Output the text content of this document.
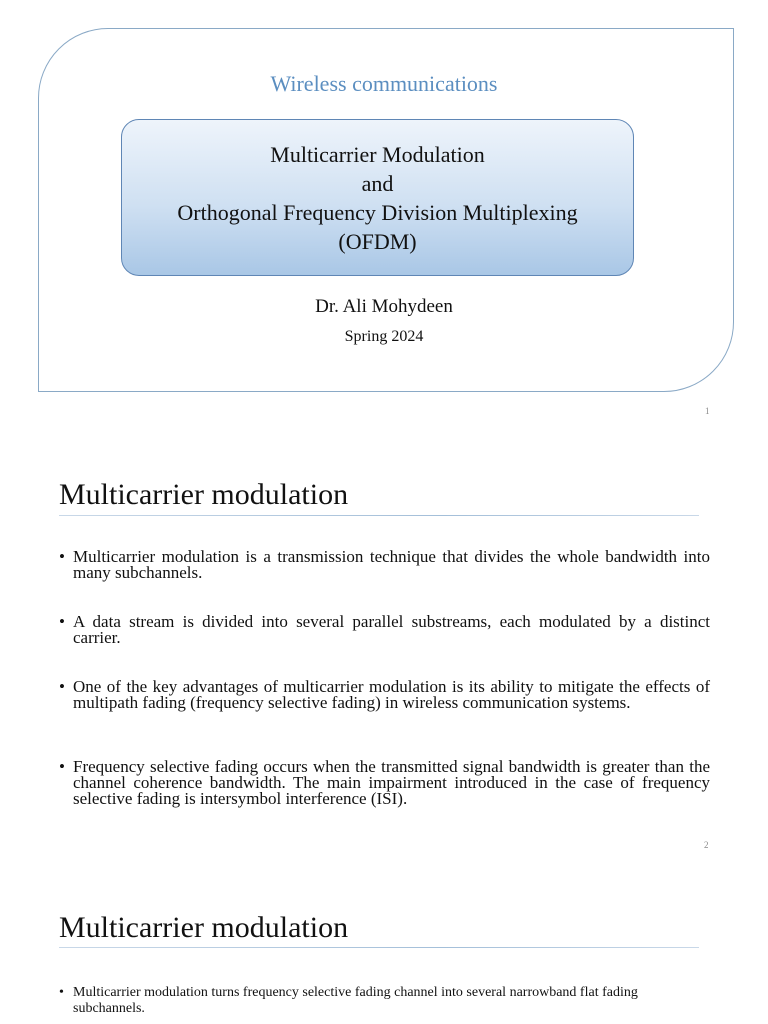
Wireless communications
Multicarrier Modulation
and
Orthogonal Frequency Division Multiplexing
(OFDM)
Dr. Ali Mohydeen
Spring 2024
1
Multicarrier modulation
• Multicarrier modulation is a transmission technique that divides the whole bandwidth into many subchannels.
• A data stream is divided into several parallel substreams, each modulated by a distinct carrier.
• One of the key advantages of multicarrier modulation is its ability to mitigate the effects of multipath fading (frequency selective fading) in wireless communication systems.
• Frequency selective fading occurs when the transmitted signal bandwidth is greater than the channel coherence bandwidth. The main impairment introduced in the case of frequency selective fading is intersymbol interference (ISI).
2
Multicarrier modulation
• Multicarrier modulation turns frequency selective fading channel into several narrowband flat fading subchannels.
